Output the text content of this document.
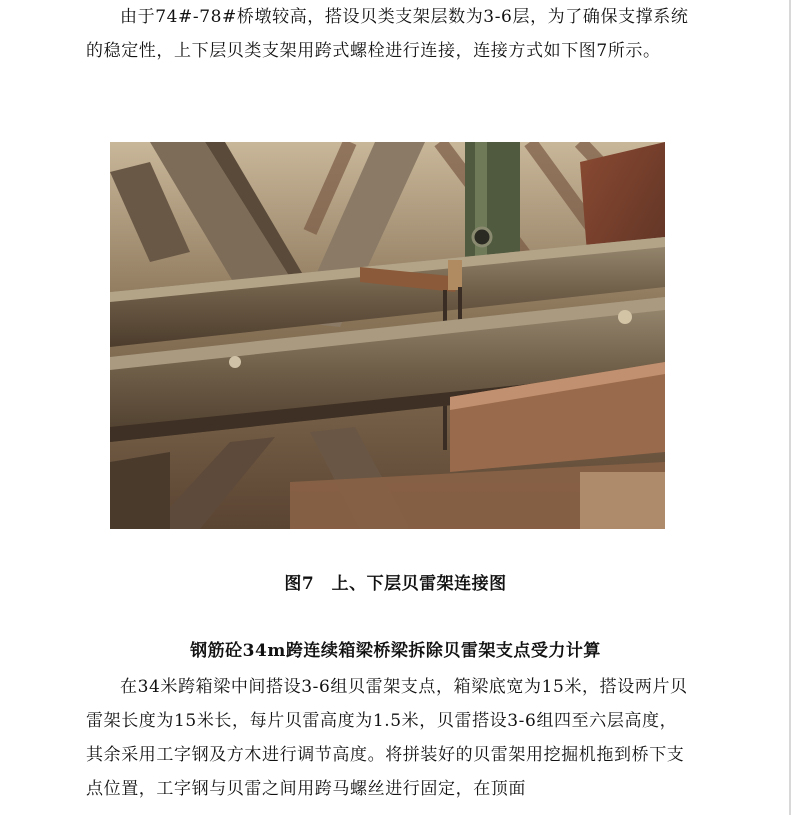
由于74#-78#桥墩较高，搭设贝类支架层数为3-6层，为了确保支撑系统的稳定性，上下层贝类支架用跨式螺栓进行连接，连接方式如下图7所示。

图7　上、下层贝雷架连接图
钢筋砼34m跨连续箱梁桥梁拆除贝雷架支点受力计算

在34米跨箱梁中间搭设3-6组贝雷架支点，箱梁底宽为15米，搭设两片贝雷架长度为15米长，每片贝雷高度为1.5米，贝雷搭设3-6组四至六层高度，其余采用工字钢及方木进行调节高度。将拼装好的贝雷架用挖掘机拖到桥下支点位置，工字钢与贝雷之间用跨马螺丝进行固定，在顶面
